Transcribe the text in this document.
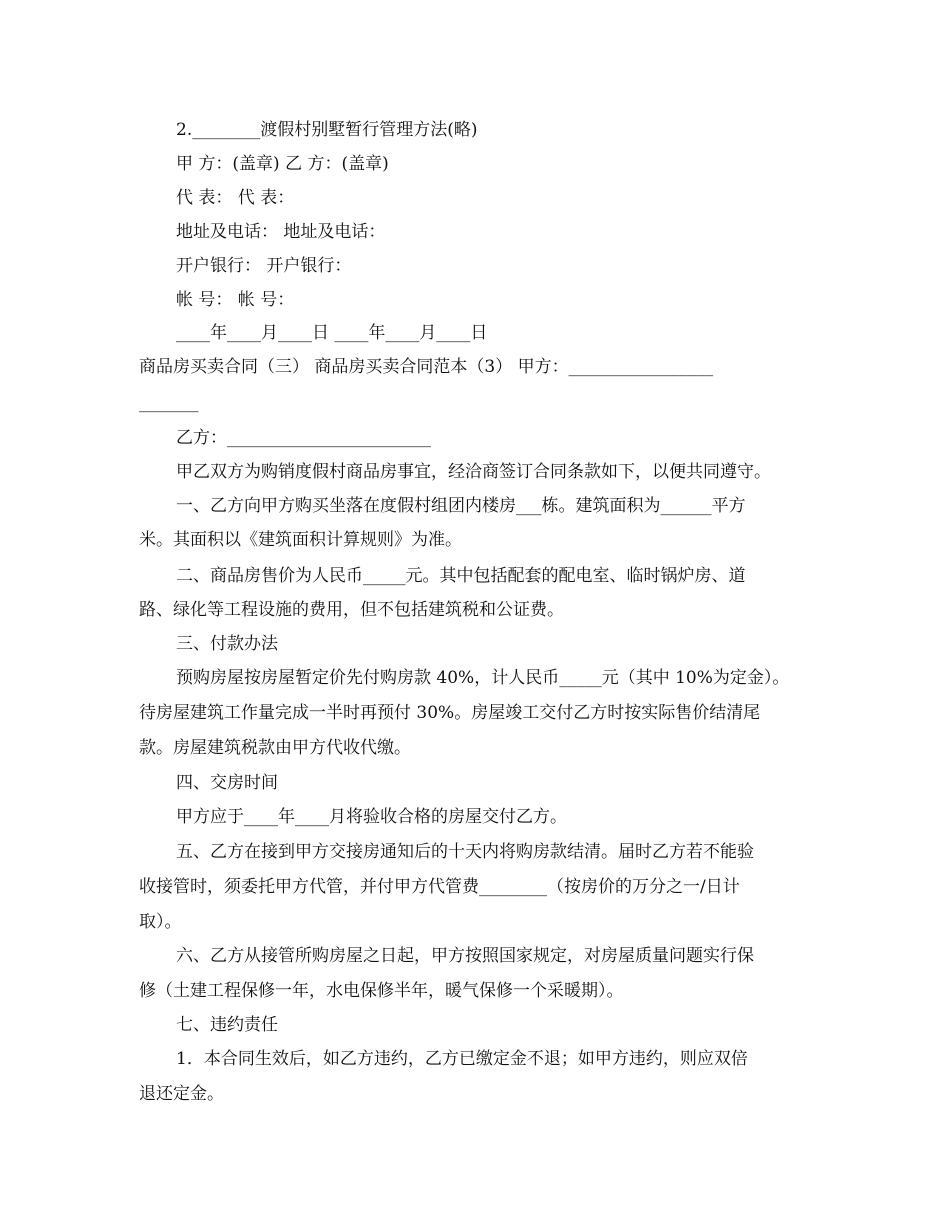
2.________渡假村别墅暂行管理方法(略)
甲 方：(盖章) 乙 方：(盖章)
代 表： 代 表：
地址及电话： 地址及电话：
开户银行： 开户银行：
帐 号： 帐 号：
____年____月____日 ____年____月____日
商品房买卖合同（三） 商品房买卖合同范本（3） 甲方：_________________
_______
乙方：________________________
甲乙双方为购销度假村商品房事宜，经洽商签订合同条款如下，以便共同遵守。
一、乙方向甲方购买坐落在度假村组团内楼房___栋。建筑面积为______平方
米。其面积以《建筑面积计算规则》为准。
二、商品房售价为人民币_____元。其中包括配套的配电室、临时锅炉房、道
路、绿化等工程设施的费用，但不包括建筑税和公证费。
三、付款办法
预购房屋按房屋暂定价先付购房款 40%，计人民币_____元（其中 10%为定金）。
待房屋建筑工作量完成一半时再预付 30%。房屋竣工交付乙方时按实际售价结清尾
款。房屋建筑税款由甲方代收代缴。
四、交房时间
甲方应于____年____月将验收合格的房屋交付乙方。
五、乙方在接到甲方交接房通知后的十天内将购房款结清。届时乙方若不能验
收接管时，须委托甲方代管，并付甲方代管费________（按房价的万分之一/日计
取）。
六、乙方从接管所购房屋之日起，甲方按照国家规定，对房屋质量问题实行保
修（土建工程保修一年，水电保修半年，暖气保修一个采暖期）。
七、违约责任
1．本合同生效后，如乙方违约，乙方已缴定金不退；如甲方违约，则应双倍
退还定金。
